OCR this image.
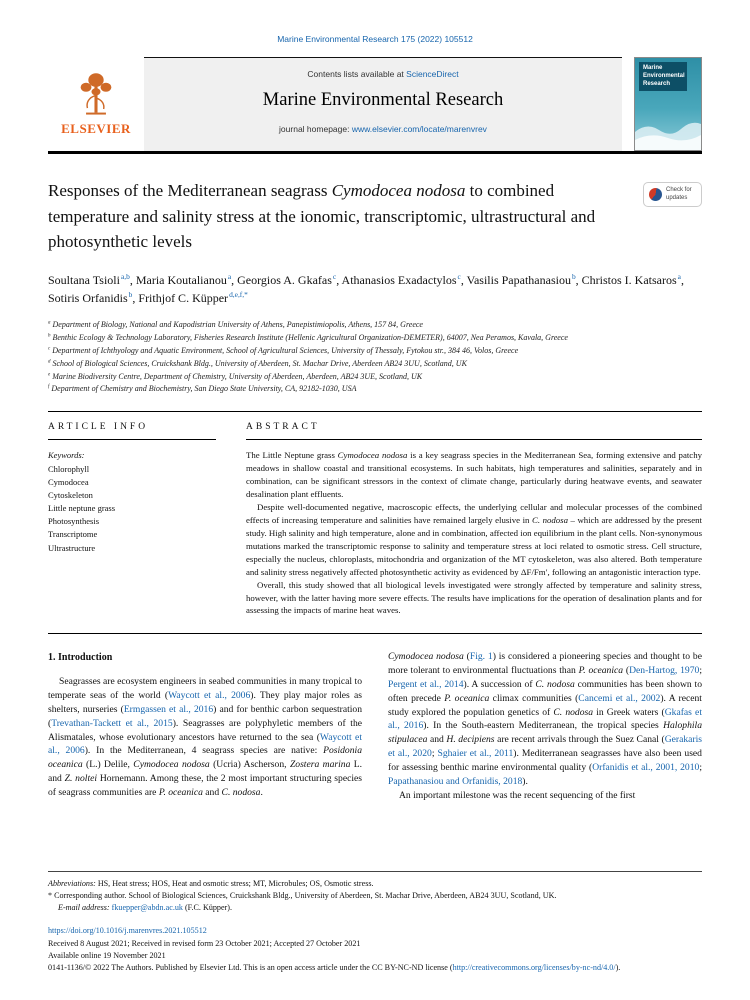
Marine Environmental Research 175 (2022) 105512
ELSEVIER
Contents lists available at ScienceDirect
Marine Environmental Research
journal homepage: www.elsevier.com/locate/marenvrev
Marine Environmental Research
Responses of the Mediterranean seagrass Cymodocea nodosa to combined temperature and salinity stress at the ionomic, transcriptomic, ultrastructural and photosynthetic levels
Check for updates
Soultana Tsioli$^{a,b}$, Maria Koutalianou$^a$, Georgios A. Gkafas$^c$, Athanasios Exadactylos$^c$, Vasilis Papathanasiou$^b$, Christos I. Katsaros$^a$, Sotiris Orfanidis$^b$, Frithjof C. Küpper$^{d,e,f,*}$
$^a$ Department of Biology, National and Kapodistrian University of Athens, Panepistimiopolis, Athens, 157 84, Greece
$^b$ Benthic Ecology & Technology Laboratory, Fisheries Research Institute (Hellenic Agricultural Organization-DEMETER), 64007, Nea Peramos, Kavala, Greece
$^c$ Department of Ichthyology and Aquatic Environment, School of Agricultural Sciences, University of Thessaly, Fytokou str., 384 46, Volos, Greece
$^d$ School of Biological Sciences, Cruickshank Bldg., University of Aberdeen, St. Machar Drive, Aberdeen AB24 3UU, Scotland, UK
$^e$ Marine Biodiversity Centre, Department of Chemistry, University of Aberdeen, Aberdeen, AB24 3UE, Scotland, UK
$^f$ Department of Chemistry and Biochemistry, San Diego State University, CA, 92182-1030, USA
ARTICLE INFO
Keywords:
Chlorophyll
Cymodocea
Cytoskeleton
Little neptune grass
Photosynthesis
Transcriptome
Ultrastructure
ABSTRACT

The Little Neptune grass Cymodocea nodosa is a key seagrass species in the Mediterranean Sea, forming extensive and patchy meadows in shallow coastal and transitional ecosystems. In such habitats, high temperatures and salinities, separately and in combination, can be significant stressors in the context of climate change, particularly during heatwave events, and seawater desalination plant effluents.

Despite well-documented negative, macroscopic effects, the underlying cellular and molecular processes of the combined effects of increasing temperature and salinities have remained largely elusive in C. nodosa – which are addressed by the present study. High salinity and high temperature, alone and in combination, affected ion equilibrium in the plant cells. Non-synonymous mutations marked the transcriptomic response to salinity and temperature stress at loci related to osmotic stress. Cell structure, especially the nucleus, chloroplasts, mitochondria and organization of the MT cytoskeleton, was also altered. Both temperature and salinity stress negatively affected photosynthetic activity as evidenced by ΔF/Fm′, following an antagonistic interaction type.

Overall, this study showed that all biological levels investigated were strongly affected by temperature and salinity stress, however, with the latter having more severe effects. The results have implications for the operation of desalination plants and for assessing the impacts of marine heat waves.

1. Introduction

Seagrasses are ecosystem engineers in seabed communities in many tropical to temperate seas of the world (Waycott et al., 2006). They play major roles as shelters, nurseries (Ermgassen et al., 2016) and for benthic carbon sequestration (Trevathan-Tackett et al., 2015). Seagrasses are polyphyletic members of the Alismatales, whose evolutionary ancestors have returned to the sea (Waycott et al., 2006). In the Mediterranean, 4 seagrass species are native: Posidonia oceanica (L.) Delile, Cymodocea nodosa (Ucria) Ascherson, Zostera marina L. and Z. noltei Hornemann. Among these, the 2 most important structuring species of seagrass communities are P. oceanica and C. nodosa.

Cymodocea nodosa (Fig. 1) is considered a pioneering species and thought to be more tolerant to environmental fluctuations than P. oceanica (Den-Hartog, 1970; Pergent et al., 2014). A succession of C. nodosa communities has been shown to often precede P. oceanica climax communities (Cancemi et al., 2002). A recent study explored the population genetics of C. nodosa in Greek waters (Gkafas et al., 2016). In the South-eastern Mediterranean, the tropical species Halophila stipulacea and H. decipiens are recent arrivals through the Suez Canal (Gerakaris et al., 2020; Sghaier et al., 2011). Mediterranean seagrasses have also been used for assessing benthic marine environmental quality (Orfanidis et al., 2001, 2010; Papathanasiou and Orfanidis, 2018).

An important milestone was the recent sequencing of the first

Abbreviations: HS, Heat stress; HOS, Heat and osmotic stress; MT, Microbules; OS, Osmotic stress.

* Corresponding author. School of Biological Sciences, Cruickshank Bldg., University of Aberdeen, St. Machar Drive, Aberdeen, AB24 3UU, Scotland, UK.

E-mail address: fkuepper@abdn.ac.uk (F.C. Küpper).

https://doi.org/10.1016/j.marenvres.2021.105512

Received 8 August 2021; Received in revised form 23 October 2021; Accepted 27 October 2021

Available online 19 November 2021

0141-1136/© 2022 The Authors. Published by Elsevier Ltd. This is an open access article under the CC BY-NC-ND license (http://creativecommons.org/licenses/by-nc-nd/4.0/).
